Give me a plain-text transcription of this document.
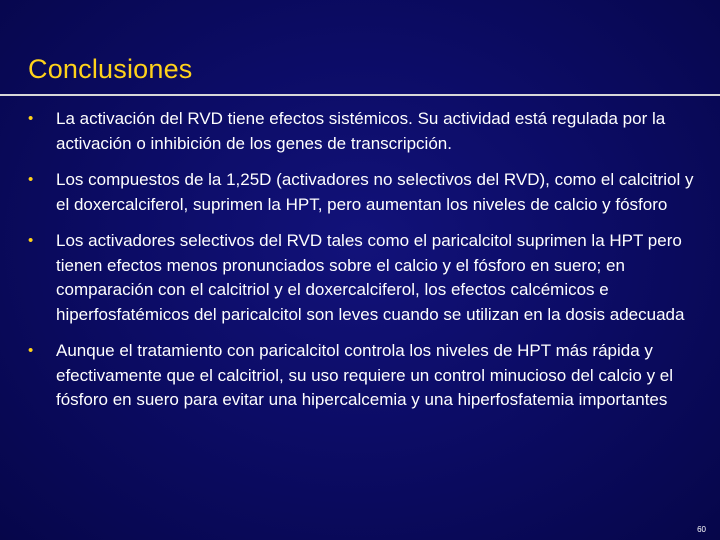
Conclusiones
• La activación del RVD tiene efectos sistémicos. Su actividad está regulada por la activación o inhibición de los genes de transcripción.
• Los compuestos de la 1,25D (activadores no selectivos del RVD), como el calcitriol y el doxercalciferol, suprimen la HPT, pero aumentan los niveles de calcio y fósforo
• Los activadores selectivos del RVD tales como el paricalcitol suprimen la HPT pero tienen efectos menos pronunciados sobre el calcio y el fósforo en suero; en comparación con el calcitriol y el doxercalciferol, los efectos calcémicos e hiperfosfatémicos del paricalcitol son leves cuando se utilizan en la dosis adecuada
• Aunque el tratamiento con paricalcitol controla los niveles de HPT más rápida y efectivamente que el calcitriol, su uso requiere un control minucioso del calcio y el fósforo en suero para evitar una hipercalcemia y una hiperfosfatemia importantes
60
